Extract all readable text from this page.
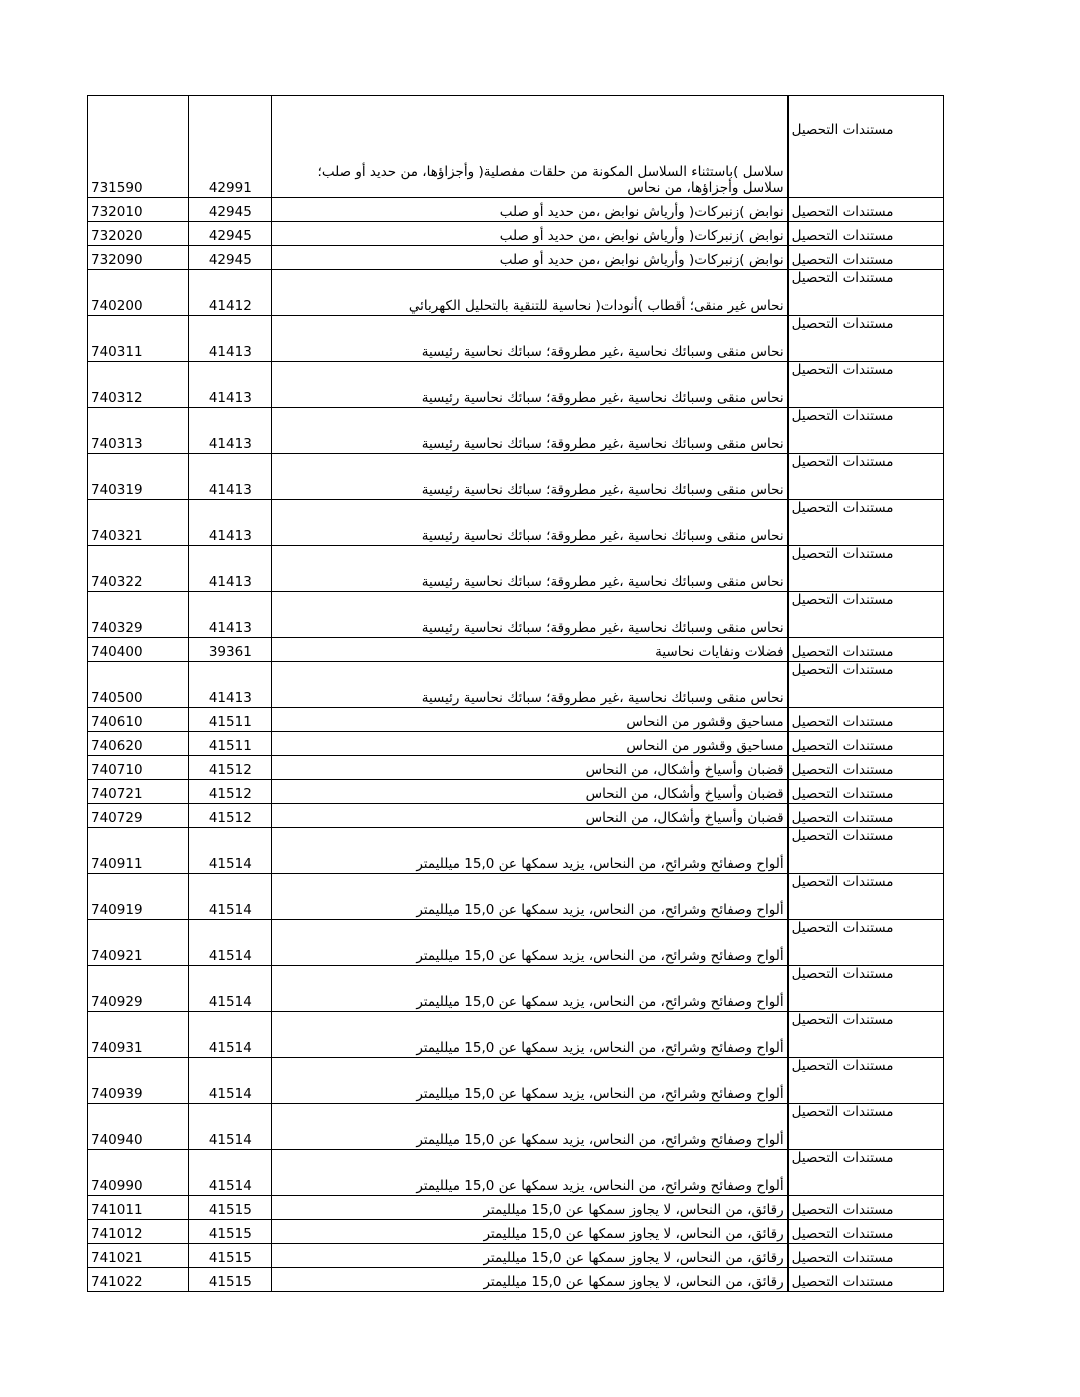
731590	42991	سلاسل )باستثناء السلاسل المكونة من حلقات مفصلية( وأجزاؤها، من حديد أو صلب؛ سلاسل وأجزاؤها، من نحاس	مستندات التحصيل
732010	42945	نوابض )زنبركات( وأرياش نوابض ،من حديد أو صلب	مستندات التحصيل
732020	42945	نوابض )زنبركات( وأرياش نوابض ،من حديد أو صلب	مستندات التحصيل
732090	42945	نوابض )زنبركات( وأرياش نوابض ،من حديد أو صلب	مستندات التحصيل
740200	41412	نحاس غير منقى؛ أقطاب )أنودات( نحاسية للتنقية بالتحليل الكهربائي	مستندات التحصيل
740311	41413	نحاس منقى وسبائك نحاسية ،غير مطروقة؛ سبائك نحاسية رئيسية	مستندات التحصيل
740312	41413	نحاس منقى وسبائك نحاسية ،غير مطروقة؛ سبائك نحاسية رئيسية	مستندات التحصيل
740313	41413	نحاس منقى وسبائك نحاسية ،غير مطروقة؛ سبائك نحاسية رئيسية	مستندات التحصيل
740319	41413	نحاس منقى وسبائك نحاسية ،غير مطروقة؛ سبائك نحاسية رئيسية	مستندات التحصيل
740321	41413	نحاس منقى وسبائك نحاسية ،غير مطروقة؛ سبائك نحاسية رئيسية	مستندات التحصيل
740322	41413	نحاس منقى وسبائك نحاسية ،غير مطروقة؛ سبائك نحاسية رئيسية	مستندات التحصيل
740329	41413	نحاس منقى وسبائك نحاسية ،غير مطروقة؛ سبائك نحاسية رئيسية	مستندات التحصيل
740400	39361	فضلات ونفايات نحاسية	مستندات التحصيل
740500	41413	نحاس منقى وسبائك نحاسية ،غير مطروقة؛ سبائك نحاسية رئيسية	مستندات التحصيل
740610	41511	مساحيق وقشور من النحاس	مستندات التحصيل
740620	41511	مساحيق وقشور من النحاس	مستندات التحصيل
740710	41512	قضبان وأسياخ وأشكال، من النحاس	مستندات التحصيل
740721	41512	قضبان وأسياخ وأشكال، من النحاس	مستندات التحصيل
740729	41512	قضبان وأسياخ وأشكال، من النحاس	مستندات التحصيل
740911	41514	ألواح وصفائح وشرائح، من النحاس، يزيد سمكها عن 15,0 ميلليمتر	مستندات التحصيل
740919	41514	ألواح وصفائح وشرائح، من النحاس، يزيد سمكها عن 15,0 ميلليمتر	مستندات التحصيل
740921	41514	ألواح وصفائح وشرائح، من النحاس، يزيد سمكها عن 15,0 ميلليمتر	مستندات التحصيل
740929	41514	ألواح وصفائح وشرائح، من النحاس، يزيد سمكها عن 15,0 ميلليمتر	مستندات التحصيل
740931	41514	ألواح وصفائح وشرائح، من النحاس، يزيد سمكها عن 15,0 ميلليمتر	مستندات التحصيل
740939	41514	ألواح وصفائح وشرائح، من النحاس، يزيد سمكها عن 15,0 ميلليمتر	مستندات التحصيل
740940	41514	ألواح وصفائح وشرائح، من النحاس، يزيد سمكها عن 15,0 ميلليمتر	مستندات التحصيل
740990	41514	ألواح وصفائح وشرائح، من النحاس، يزيد سمكها عن 15,0 ميلليمتر	مستندات التحصيل
741011	41515	رقائق، من النحاس، لا يجاوز سمكها عن 15,0 ميلليمتر	مستندات التحصيل
741012	41515	رقائق، من النحاس، لا يجاوز سمكها عن 15,0 ميلليمتر	مستندات التحصيل
741021	41515	رقائق، من النحاس، لا يجاوز سمكها عن 15,0 ميلليمتر	مستندات التحصيل
741022	41515	رقائق، من النحاس، لا يجاوز سمكها عن 15,0 ميلليمتر	مستندات التحصيل
